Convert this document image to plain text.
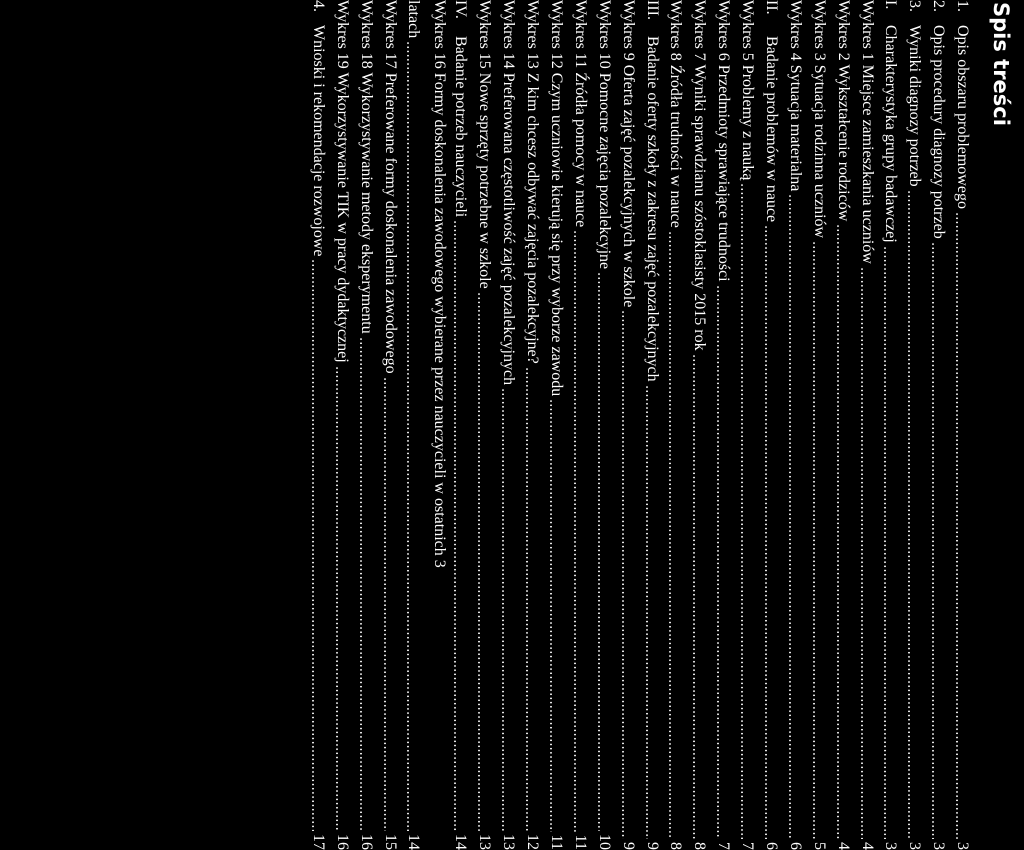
Spis treści
1.
Opis obszaru problemowego
3
2.
Opis procedury diagnozy potrzeb
3
3.
Wyniki diagnozy potrzeb
3
I.
Charakterystyka grupy badawczej
3
Wykres 1 Miejsce zamieszkania uczniów
4
Wykres 2 Wykształcenie rodziców
4
Wykres 3 Sytuacja rodzinna uczniów
5
Wykres 4 Sytuacja materialna
6
II.
Badanie problemów w nauce
6
Wykres 5 Problemy z nauką
7
Wykres 6 Przedmioty sprawiające trudności
7
Wykres 7 Wyniki sprawdzianu szóstoklasisty 2015 rok
8
Wykres 8 Źródła trudności w nauce
8
III.
Badanie oferty szkoły z zakresu zajęć pozalekcyjnych
9
Wykres 9 Oferta zajęć pozalekcyjnych w szkole
9
Wykres 10 Pomocne zajęcia pozalekcyjne
10
Wykres 11 Źródła pomocy w nauce
11
Wykres 12 Czym uczniowie kierują się przy wyborze zawodu
11
Wykres 13 Z kim chcesz odbywać zajęcia pozalekcyjne?
12
Wykres 14 Preferowana częstotliwość zajęć pozalekcyjnych
13
Wykres 15 Nowe sprzęty potrzebne w szkole
13
IV.
Badanie potrzeb nauczycieli
14
Wykres 16 Formy doskonalenia zawodowego wybierane przez nauczycieli w ostatnich 3
latach
14
Wykres 17 Preferowane formy doskonalenia zawodowego
15
Wykres 18 Wykorzystywanie metody eksperymentu
16
Wykres 19 Wykorzystywanie TIK w pracy dydaktycznej
16
4.
Wnioski i rekomendacje rozwojowe
17
